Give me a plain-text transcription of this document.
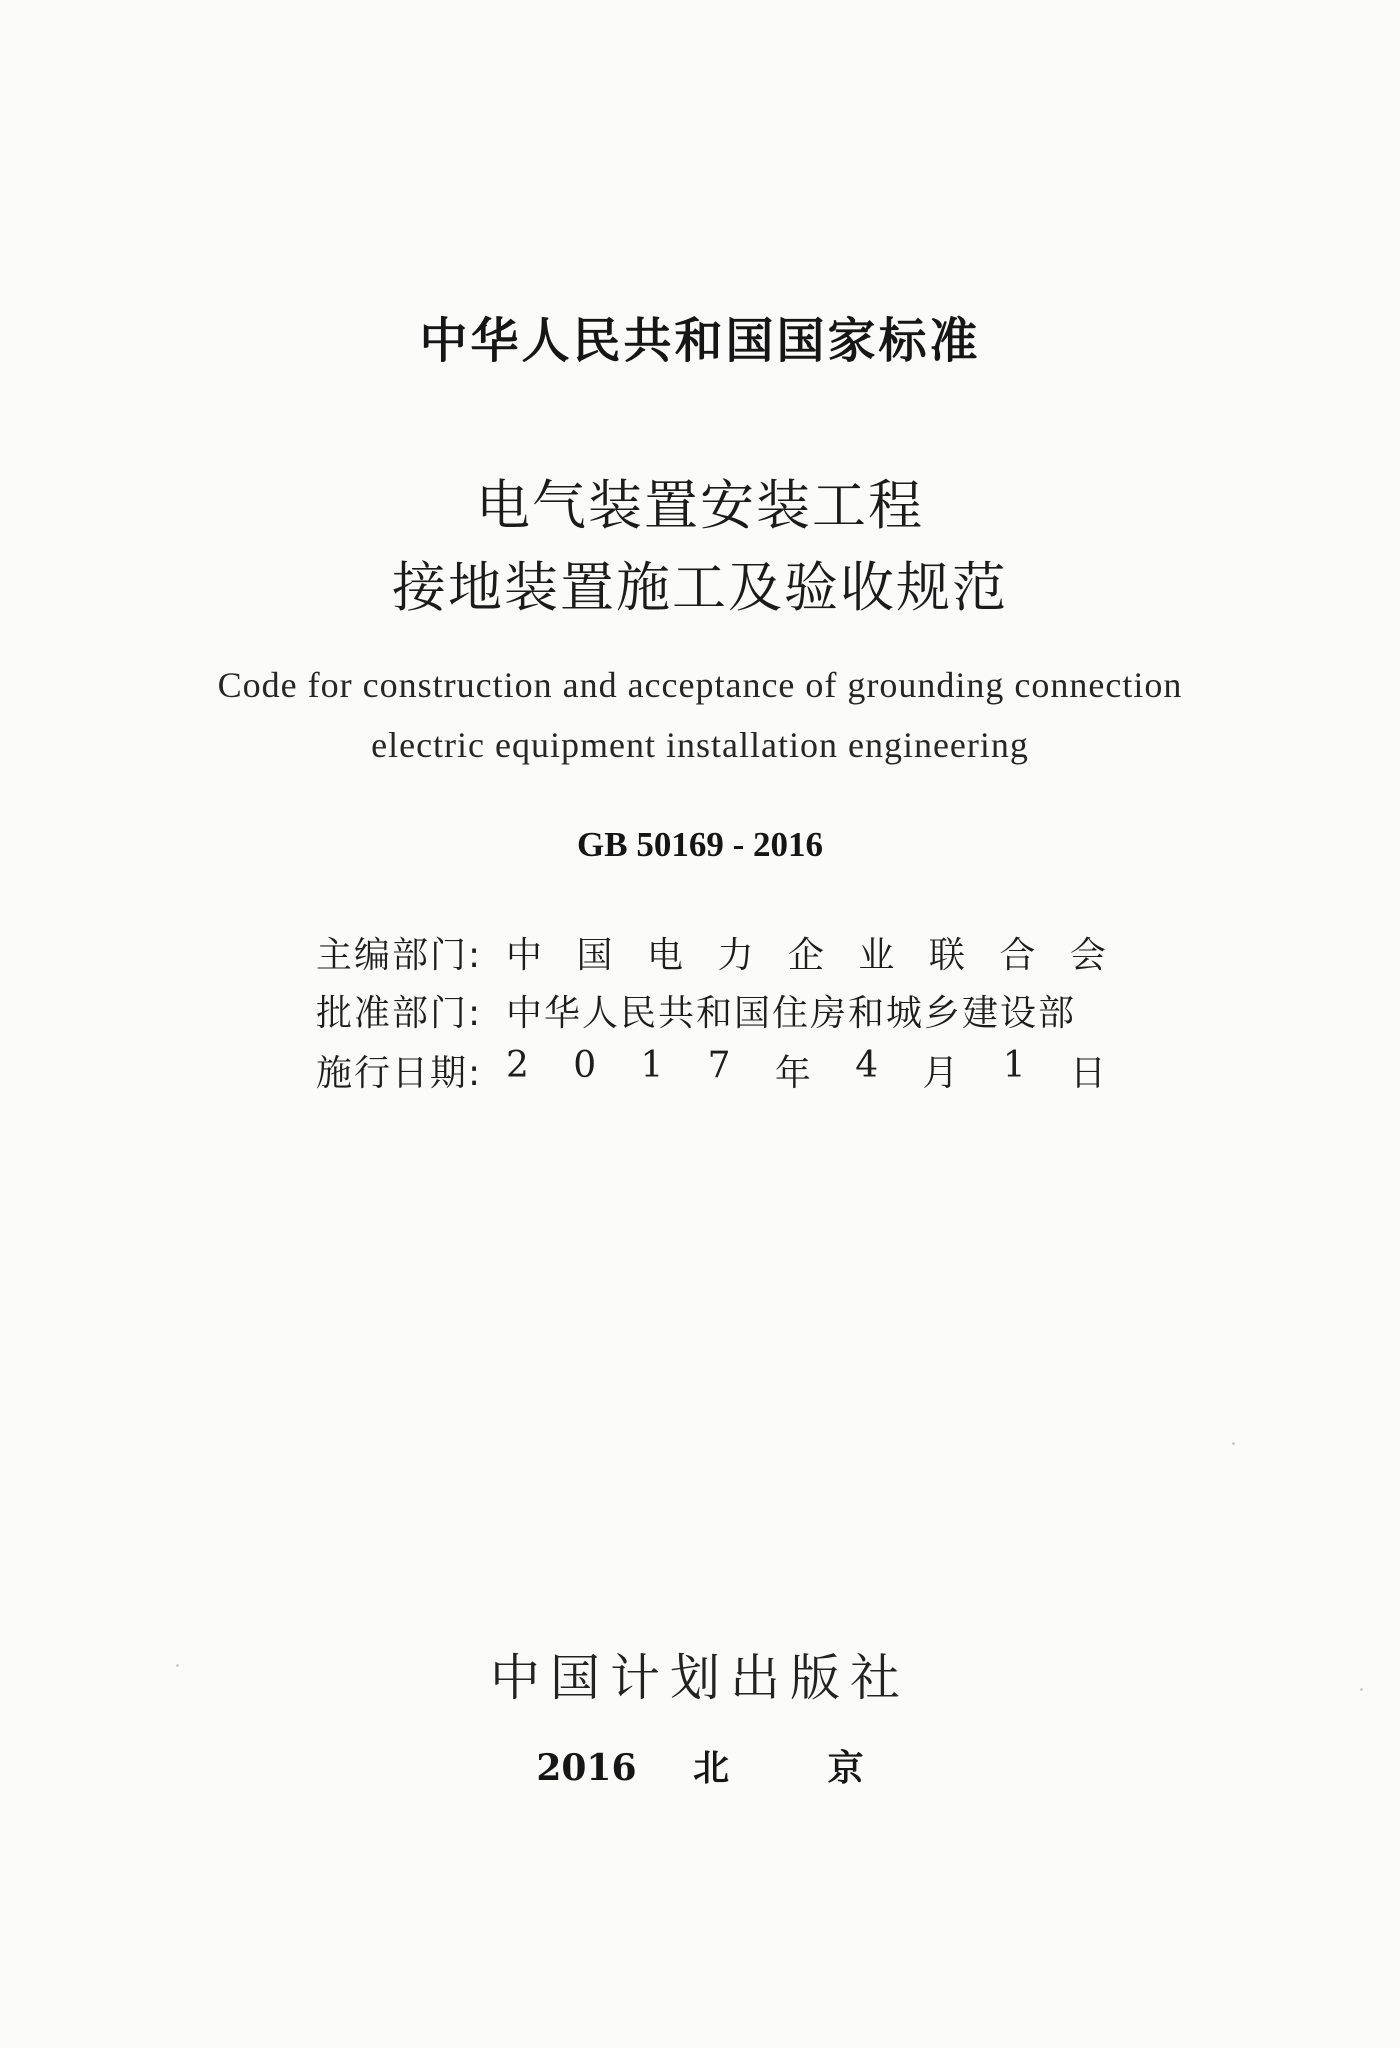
中华人民共和国国家标准
电气装置安装工程
接地装置施工及验收规范
Code for construction and acceptance of grounding connection
electric equipment installation engineering
GB 50169 - 2016
主编部门: 中 国 电 力 企 业 联 合 会
批准部门: 中华人民共和国住房和城乡建设部
施行日期: 2 0 1 7 年 4 月 1 日
中国计划出版社
2016 北	京
